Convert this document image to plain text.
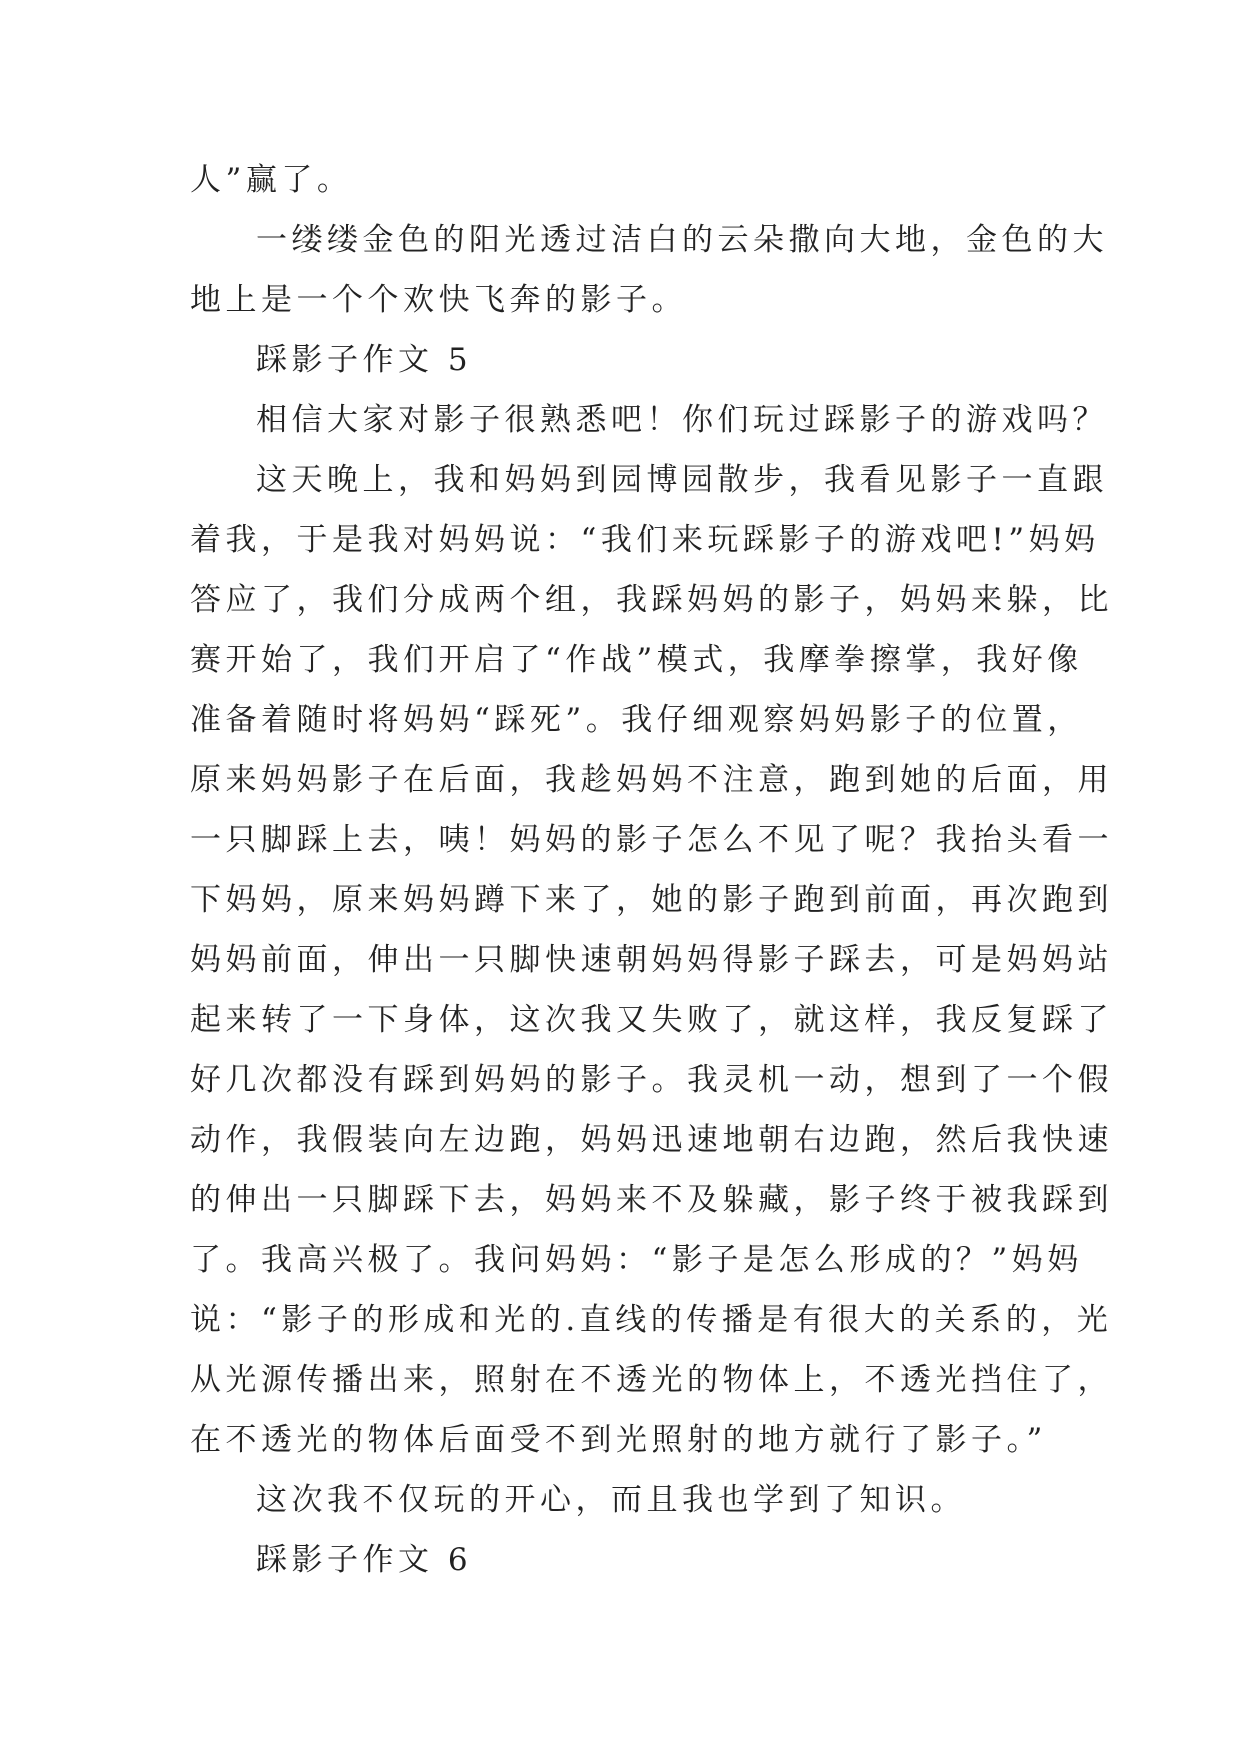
人”赢了。
一缕缕金色的阳光透过洁白的云朵撒向大地，金色的大
地上是一个个欢快飞奔的影子。
踩影子作文 5
相信大家对影子很熟悉吧！你们玩过踩影子的游戏吗？
这天晚上，我和妈妈到园博园散步，我看见影子一直跟
着我，于是我对妈妈说：“我们来玩踩影子的游戏吧!”妈妈
答应了，我们分成两个组，我踩妈妈的影子，妈妈来躲，比
赛开始了，我们开启了“作战”模式，我摩拳擦掌，我好像
准备着随时将妈妈“踩死”。我仔细观察妈妈影子的位置，
原来妈妈影子在后面，我趁妈妈不注意，跑到她的后面，用
一只脚踩上去，咦！妈妈的影子怎么不见了呢？我抬头看一
下妈妈，原来妈妈蹲下来了，她的影子跑到前面，再次跑到
妈妈前面，伸出一只脚快速朝妈妈得影子踩去，可是妈妈站
起来转了一下身体，这次我又失败了，就这样，我反复踩了
好几次都没有踩到妈妈的影子。我灵机一动，想到了一个假
动作，我假装向左边跑，妈妈迅速地朝右边跑，然后我快速
的伸出一只脚踩下去，妈妈来不及躲藏，影子终于被我踩到
了。我高兴极了。我问妈妈：“影子是怎么形成的？”妈妈
说：“影子的形成和光的.直线的传播是有很大的关系的，光
从光源传播出来，照射在不透光的物体上，不透光挡住了，
在不透光的物体后面受不到光照射的地方就行了影子。”
这次我不仅玩的开心，而且我也学到了知识。
踩影子作文 6
